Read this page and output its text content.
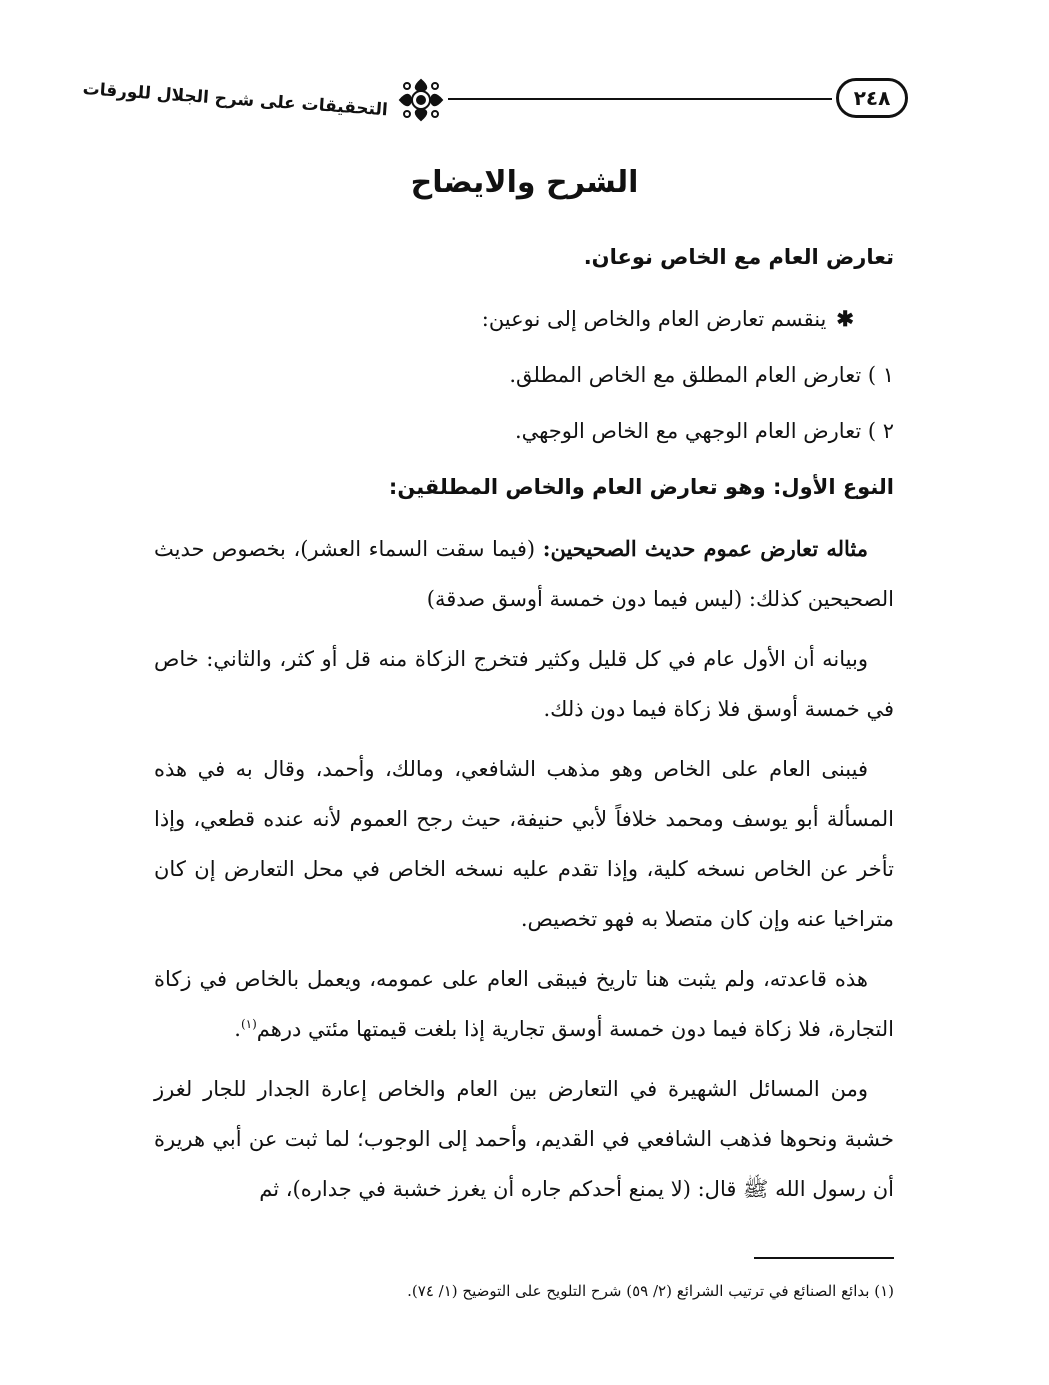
٢٤٨
التحقيقات على شرح الجلال للورقات
الشرح والايضاح

تعارض العام مع الخاص نوعان.

✱ينقسم تعارض العام والخاص إلى نوعين:

١ ) تعارض العام المطلق مع الخاص المطلق.

٢ ) تعارض العام الوجهي مع الخاص الوجهي.

النوع الأول: وهو تعارض العام والخاص المطلقين:

مثاله تعارض عموم حديث الصحيحين: (فيما سقت السماء العشر)، بخصوص حديث الصحيحين كذلك: (ليس فيما دون خمسة أوسق صدقة)

وبيانه أن الأول عام في كل قليل وكثير فتخرج الزكاة منه قل أو كثر، والثاني: خاص في خمسة أوسق فلا زكاة فيما دون ذلك.

فيبنى العام على الخاص وهو مذهب الشافعي، ومالك، وأحمد، وقال به في هذه المسألة أبو يوسف ومحمد خلافاً لأبي حنيفة، حيث رجح العموم لأنه عنده قطعي، وإذا تأخر عن الخاص نسخه كلية، وإذا تقدم عليه نسخه الخاص في محل التعارض إن كان متراخيا عنه وإن كان متصلا به فهو تخصيص.

هذه قاعدته، ولم يثبت هنا تاريخ فيبقى العام على عمومه، ويعمل بالخاص في زكاة التجارة، فلا زكاة فيما دون خمسة أوسق تجارية إذا بلغت قيمتها مئتي درهم$^{(١)}$.

ومن المسائل الشهيرة في التعارض بين العام والخاص إعارة الجدار للجار لغرز خشبة ونحوها فذهب الشافعي في القديم، وأحمد إلى الوجوب؛ لما ثبت عن أبي هريرة أن رسول الله ﷺ قال: (لا يمنع أحدكم جاره أن يغرز خشبة في جداره)، ثم

(١) بدائع الصنائع في ترتيب الشرائع (٢/ ٥٩) شرح التلويح على التوضيح (١/ ٧٤).
